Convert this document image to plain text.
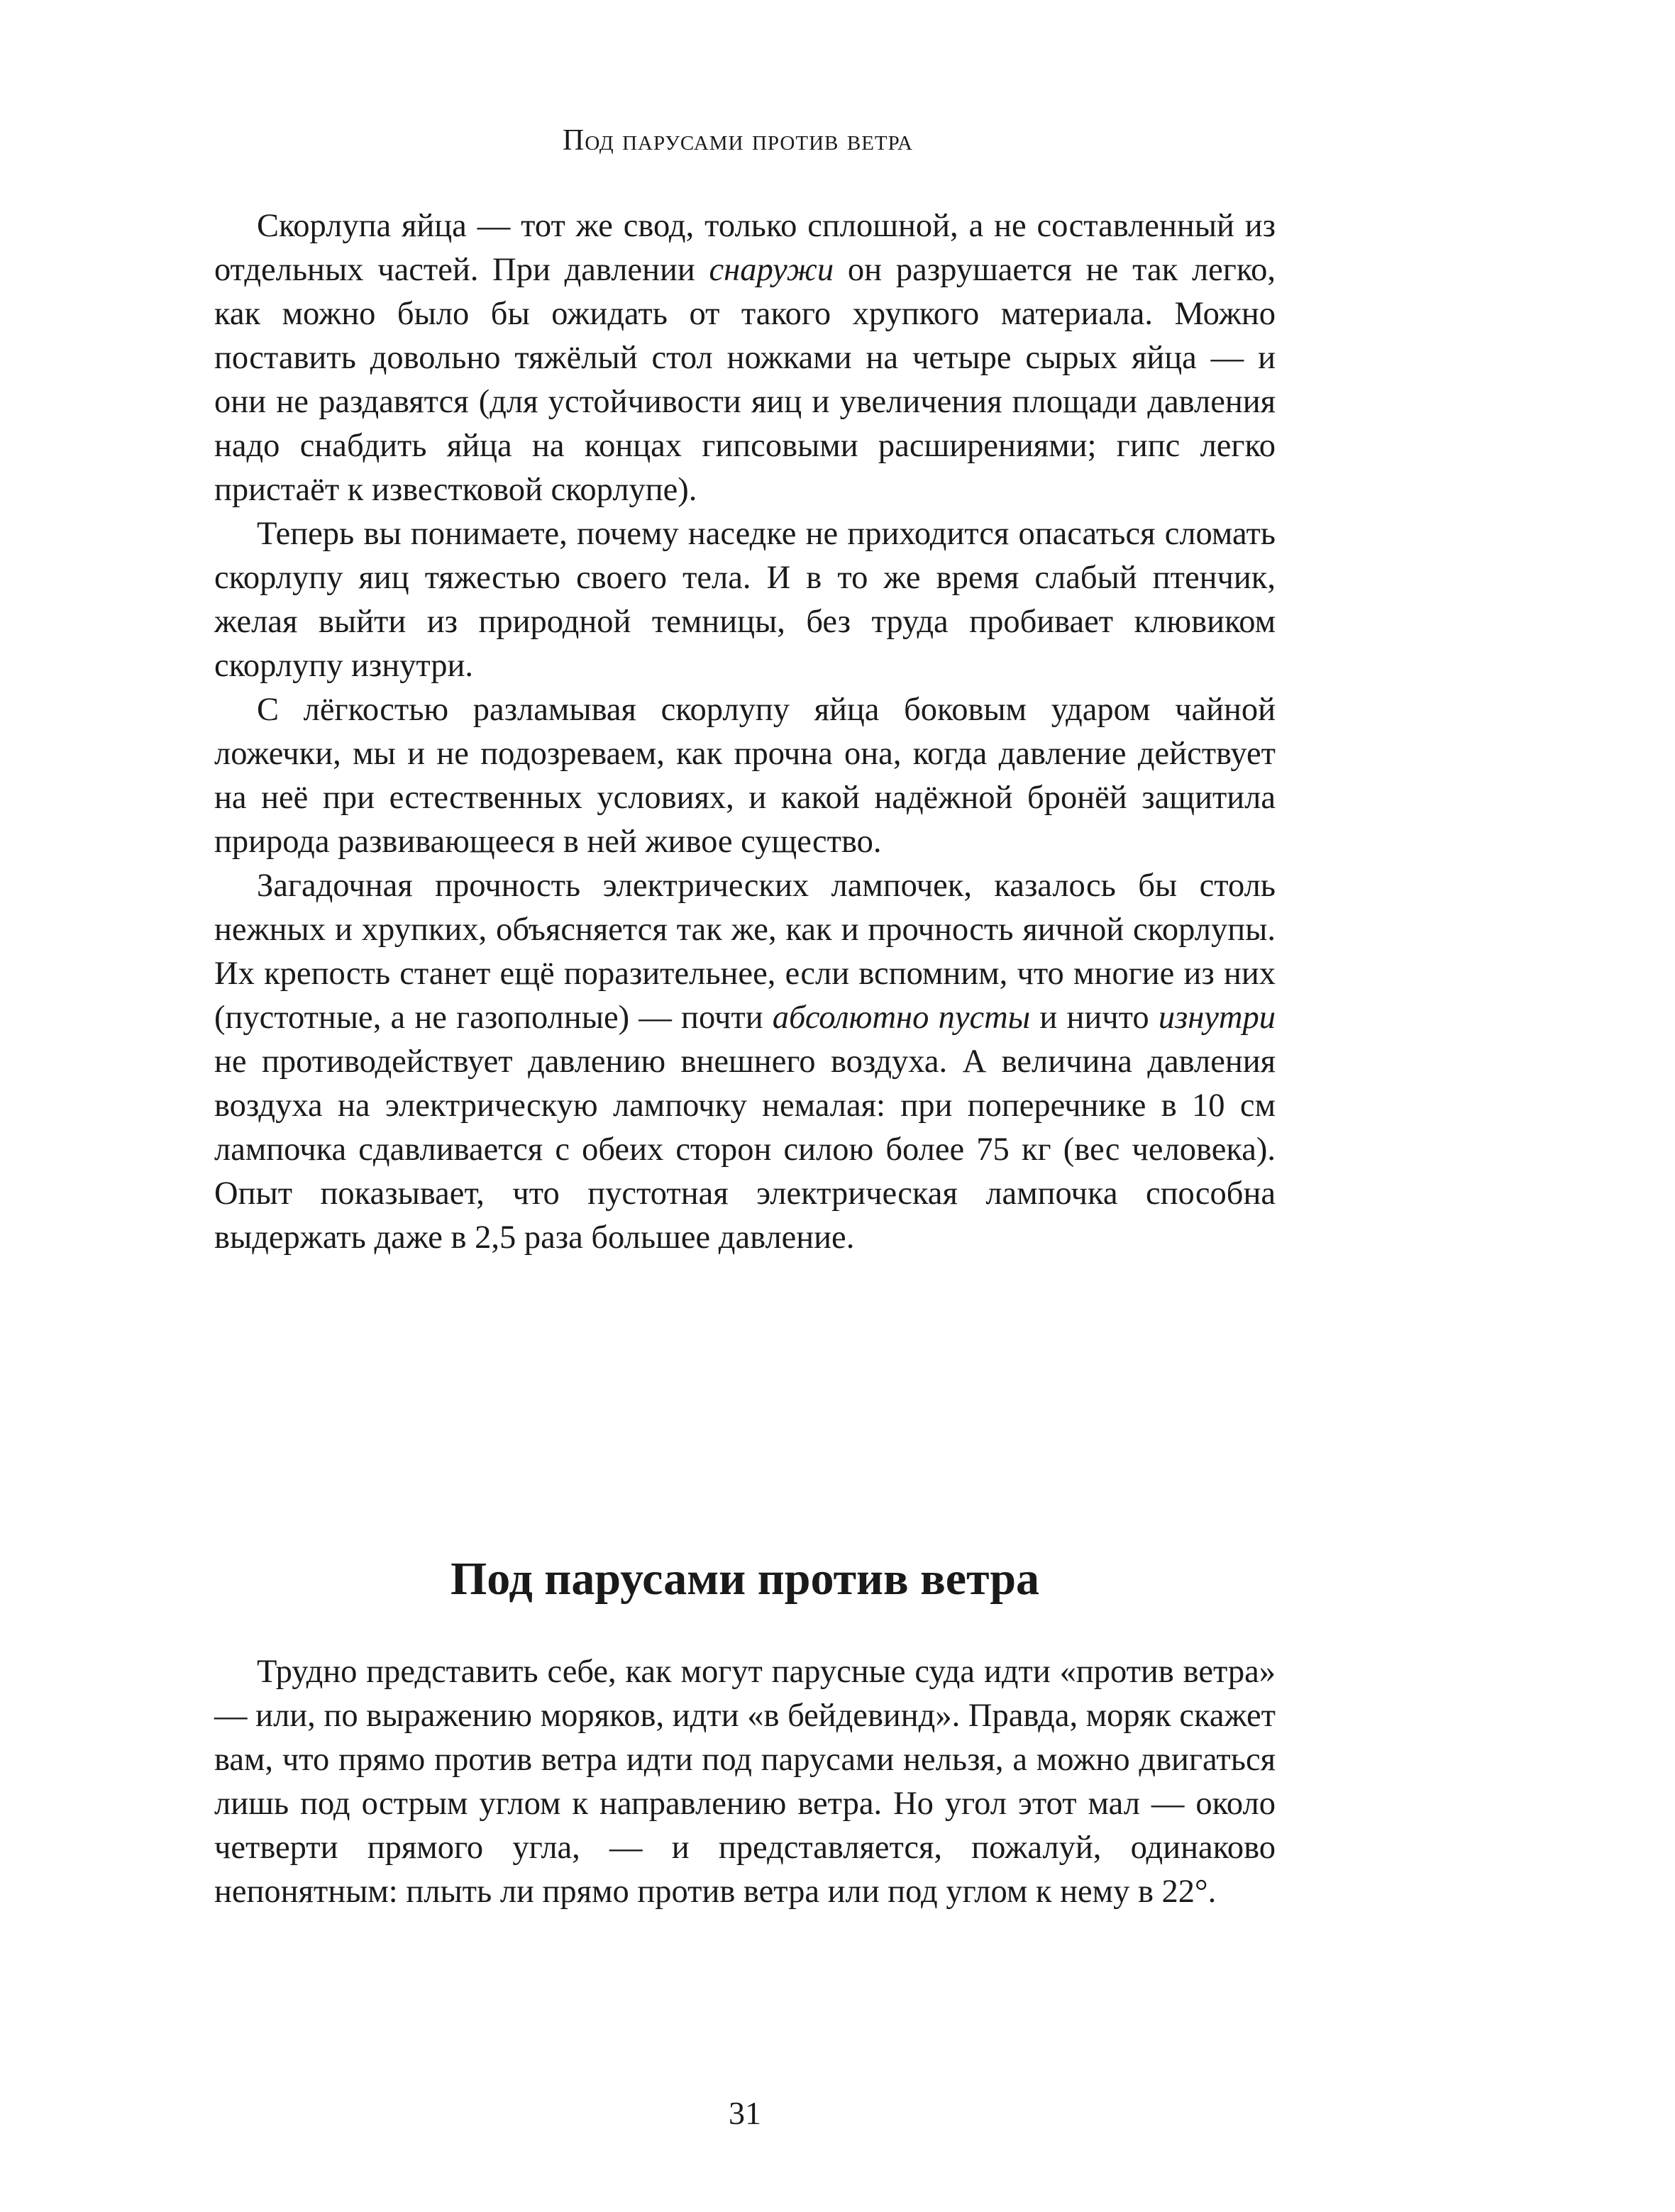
Под парусами против ветра

Скорлупа яйца — тот же свод, только сплошной, а не составленный из отдельных частей. При давлении снаружи он разрушается не так легко, как можно было бы ожидать от такого хрупкого материала. Можно поставить довольно тяжёлый стол ножками на четыре сырых яйца — и они не раздавятся (для устойчивости яиц и увеличения площади давления надо снабдить яйца на концах гипсовыми расширениями; гипс легко пристаёт к известковой скорлупе).

Теперь вы понимаете, почему наседке не приходится опасаться сломать скорлупу яиц тяжестью своего тела. И в то же время слабый птенчик, желая выйти из природной темницы, без труда пробивает клювиком скорлупу изнутри.

С лёгкостью разламывая скорлупу яйца боковым ударом чайной ложечки, мы и не подозреваем, как прочна она, когда давление действует на неё при естественных условиях, и какой надёжной бронёй защитила природа развивающееся в ней живое существо.

Загадочная прочность электрических лампочек, казалось бы столь нежных и хрупких, объясняется так же, как и прочность яичной скорлупы. Их крепость станет ещё поразительнее, если вспомним, что многие из них (пустотные, а не газополные) — почти абсолютно пусты и ничто изнутри не противодействует давлению внешнего воздуха. А величина давления воздуха на электрическую лампочку немалая: при поперечнике в 10 см лампочка сдавливается с обеих сторон силою более 75 кг (вес человека). Опыт показывает, что пустотная электрическая лампочка способна выдержать даже в 2,5 раза большее давление.

Под парусами против ветра

Трудно представить себе, как могут парусные суда идти «против ветра» — или, по выражению моряков, идти «в бейдевинд». Правда, моряк скажет вам, что прямо против ветра идти под парусами нельзя, а можно двигаться лишь под острым углом к направлению ветра. Но угол этот мал — около четверти прямого угла, — и представляется, пожалуй, одинаково непонятным: плыть ли прямо против ветра или под углом к нему в 22°.

31
